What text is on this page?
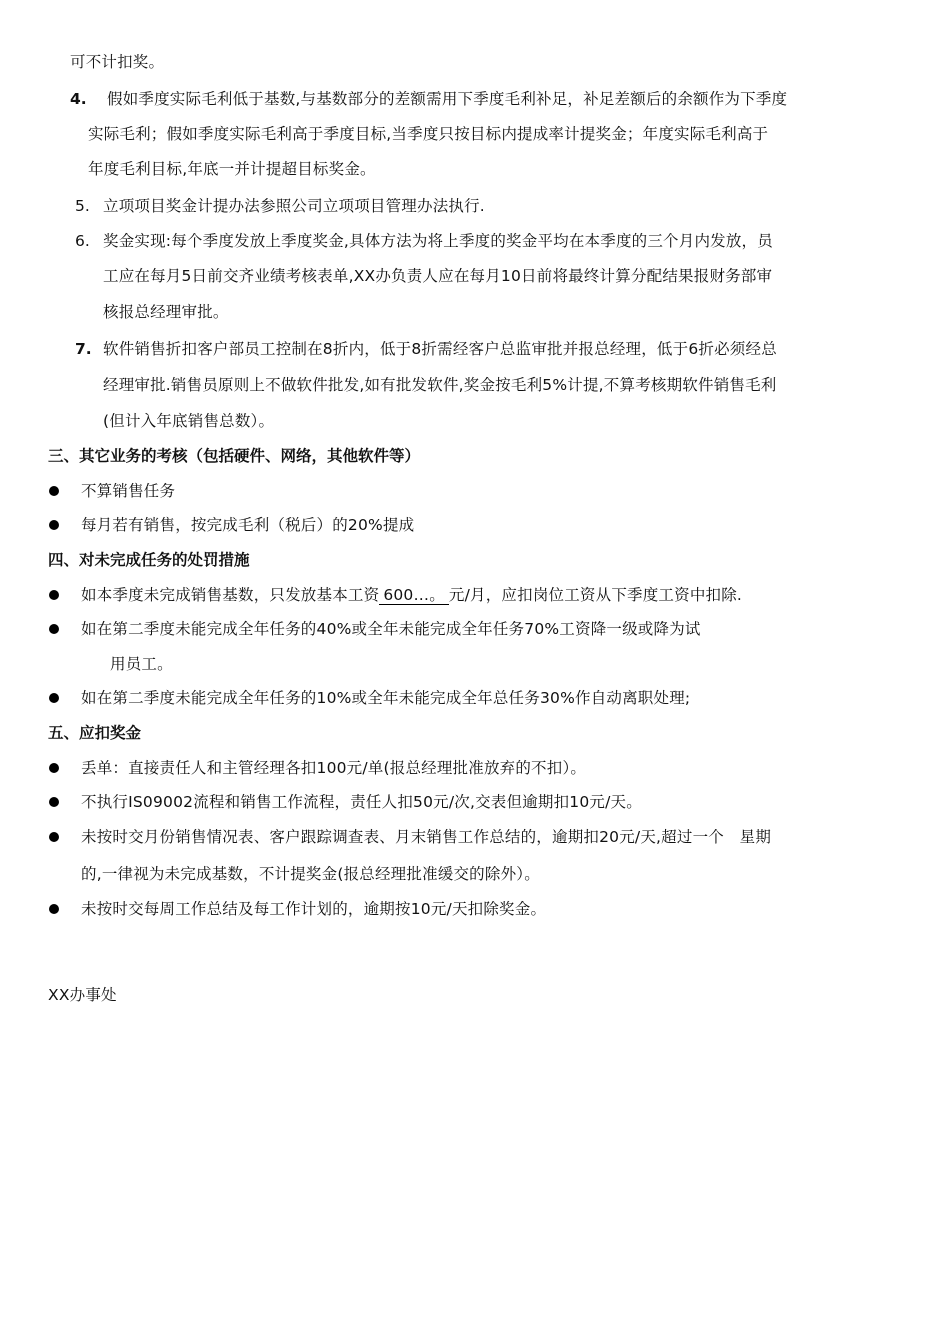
可不计扣奖。
4. 假如季度实际毛利低于基数,与基数部分的差额需用下季度毛利补足，补足差额后的余额作为下季度
实际毛利；假如季度实际毛利高于季度目标,当季度只按目标内提成率计提奖金；年度实际毛利高于
年度毛利目标,年底一并计提超目标奖金。
5. 立项项目奖金计提办法参照公司立项项目管理办法执行.
6. 奖金实现:每个季度发放上季度奖金,具体方法为将上季度的奖金平均在本季度的三个月内发放，员
工应在每月5日前交齐业绩考核表单,XX办负责人应在每月10日前将最终计算分配结果报财务部审
核报总经理审批。
7. 软件销售折扣客户部员工控制在8折内，低于8折需经客户总监审批并报总经理，低于6折必须经总
经理审批.销售员原则上不做软件批发,如有批发软件,奖金按毛利5%计提,不算考核期软件销售毛利
(但计入年底销售总数）。
三、其它业务的考核（包括硬件、网络，其他软件等）
不算销售任务
每月若有销售，按完成毛利（税后）的20%提成
四、对未完成任务的处罚措施
如本季度未完成销售基数，只发放基本工资 600…。 元/月，应扣岗位工资从下季度工资中扣除.
如在第二季度未能完成全年任务的40%或全年未能完成全年任务70%工资降一级或降为试
用员工。
如在第二季度未能完成全年任务的10%或全年未能完成全年总任务30%作自动离职处理;
五、应扣奖金
丢单：直接责任人和主管经理各扣100元/单(报总经理批准放弃的不扣）。
不执行IS09002流程和销售工作流程，责任人扣50元/次,交表但逾期扣10元/天。
未按时交月份销售情况表、客户跟踪调查表、月末销售工作总结的，逾期扣20元/天,超过一个　星期
的,一律视为未完成基数，不计提奖金(报总经理批准缓交的除外）。
未按时交每周工作总结及每工作计划的，逾期按10元/天扣除奖金。
XX办事处
